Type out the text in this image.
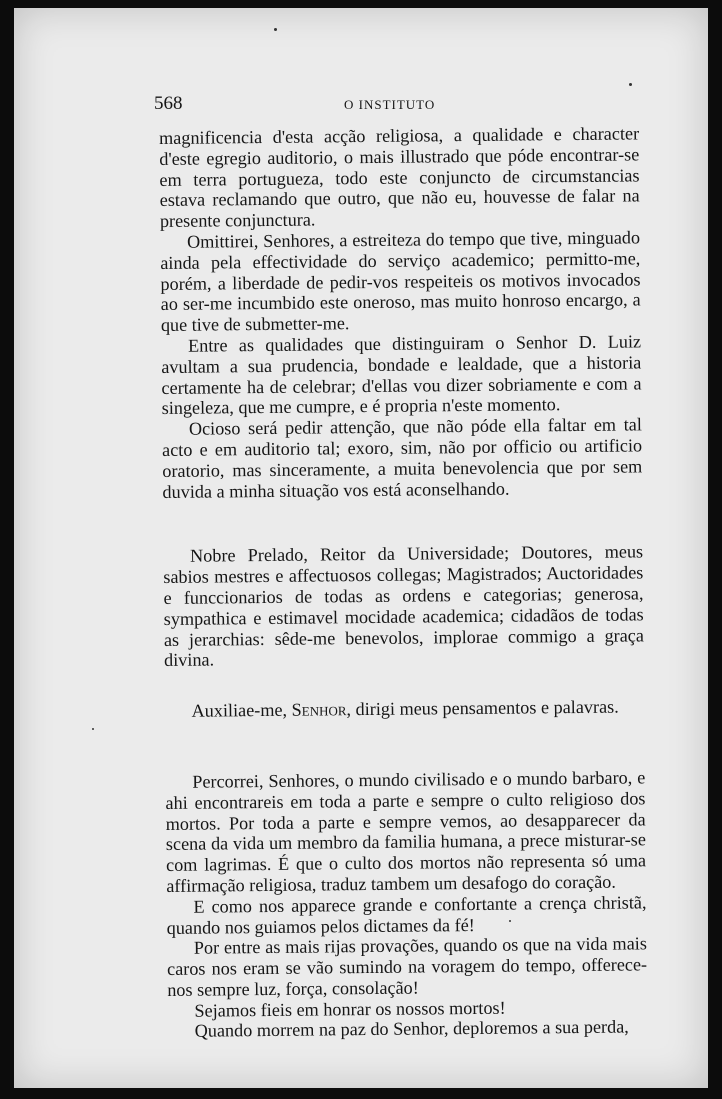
568	O INSTITUTO

magnificencia d'esta acção religiosa, a qualidade e character d'este egregio auditorio, o mais illustrado que póde encontrar-se em terra portugueza, todo este conjuncto de circumstancias estava reclamando que outro, que não eu, houvesse de falar na presente conjunctura.

Omittirei, Senhores, a estreiteza do tempo que tive, minguado ainda pela effectividade do serviço academico; permitto-me, porém, a liberdade de pedir-vos respeiteis os motivos invocados ao ser-me incumbido este oneroso, mas muito honroso encargo, a que tive de submetter-me.

Entre as qualidades que distinguiram o Senhor D. Luiz avultam a sua prudencia, bondade e lealdade, que a historia certamente ha de celebrar; d'ellas vou dizer sobriamente e com a singeleza, que me cumpre, e é propria n'este momento.

Ocioso será pedir attenção, que não póde ella faltar em tal acto e em auditorio tal; exoro, sim, não por officio ou artificio oratorio, mas sinceramente, a muita benevolencia que por sem duvida a minha situação vos está aconselhando.

Nobre Prelado, Reitor da Universidade; Doutores, meus sabios mestres e affectuosos collegas; Magistrados; Auctoridades e funccionarios de todas as ordens e categorias; generosa, sympathica e estimavel mocidade academica; cidadãos de todas as jerarchias: sêde-me benevolos, implorae commigo a graça divina.

Auxiliae-me, Senhor, dirigi meus pensamentos e palavras.

Percorrei, Senhores, o mundo civilisado e o mundo barbaro, e ahi encontrareis em toda a parte e sempre o culto religioso dos mortos. Por toda a parte e sempre vemos, ao desapparecer da scena da vida um membro da familia humana, a prece misturar-se com lagrimas. É que o culto dos mortos não representa só uma affirmação religiosa, traduz tambem um desafogo do coração.

E como nos apparece grande e confortante a crença christã, quando nos guiamos pelos dictames da fé!

Por entre as mais rijas provações, quando os que na vida mais caros nos eram se vão sumindo na voragem do tempo, offerece-nos sempre luz, força, consolação!

Sejamos fieis em honrar os nossos mortos!

Quando morrem na paz do Senhor, deploremos a sua perda,
